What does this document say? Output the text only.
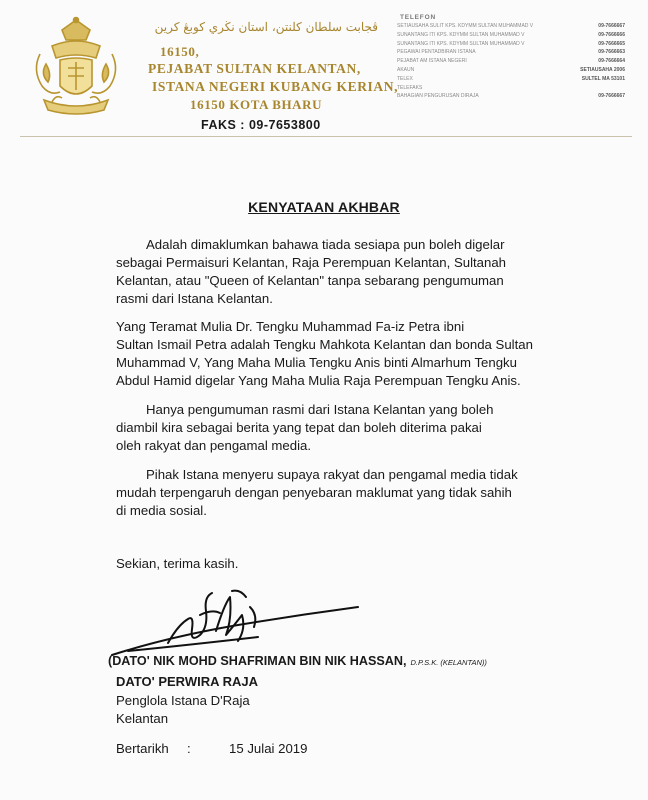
ڤجابت سلطان كلنتن، استان نڬري كوبڠ كرين
16150,
PEJABAT SULTAN KELANTAN,
ISTANA NEGERI KUBANG KERIAN,
16150 KOTA BHARU
FAKS : 09-7653800
TELEFON
SETIAUSAHA SULIT KPS. KDYMM SULTAN MUHAMMAD V	09-7666667
SUNANTANG ITI KPS. KDYMM SULTAN MUHAMMAD V	09-7666666
SUNANTANG ITI KPS. KDYMM SULTAN MUHAMMAD V	09-7666665
PEGAWAI PENTADBIRAN ISTANA	09-7666663
PEJABAT AM ISTANA NEGERI	09-7666664
AKAUN	SETIAUSAHA 2006
TELEX	SULTEL MA 53101
TELEFAKS
BAHAGIAN PENGURUSAN DIRAJA	09-7666667
KENYATAAN AKHBAR
Adalah dimaklumkan bahawa tiada sesiapa pun boleh digelar
sebagai Permaisuri Kelantan, Raja Perempuan Kelantan, Sultanah
Kelantan, atau "Queen of Kelantan" tanpa sebarang pengumuman
rasmi dari Istana Kelantan.
Yang Teramat Mulia Dr. Tengku Muhammad Fa-iz Petra ibni
Sultan Ismail Petra adalah Tengku Mahkota Kelantan dan bonda Sultan
Muhammad V, Yang Maha Mulia Tengku Anis binti Almarhum Tengku
Abdul Hamid digelar Yang Maha Mulia Raja Perempuan Tengku Anis.
Hanya pengumuman rasmi dari Istana Kelantan yang boleh
diambil kira sebagai berita yang tepat dan boleh diterima pakai
oleh rakyat dan pengamal media.
Pihak Istana menyeru supaya rakyat dan pengamal media tidak
mudah terpengaruh dengan penyebaran maklumat yang tidak sahih
di media sosial.
Sekian, terima kasih.
(DATO' NIK MOHD SHAFRIMAN BIN NIK HASSAN, D.P.S.K. (KELANTAN))
DATO' PERWIRA RAJA
Penglola Istana D'Raja
Kelantan
Bertarikh :	15 Julai 2019
